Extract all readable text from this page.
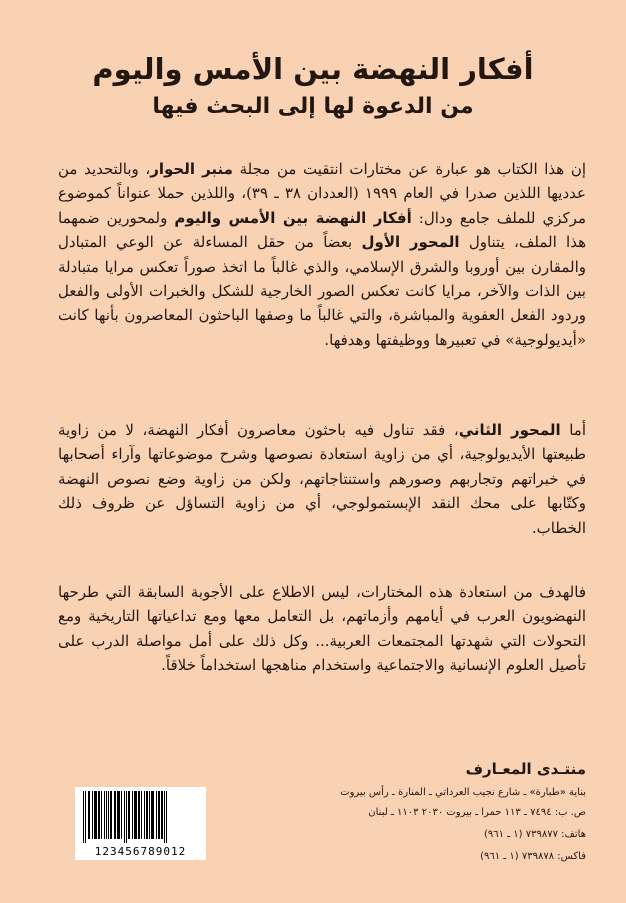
أفكار النهضة بين الأمس واليوم
من الدعوة لها إلى البحث فيها

إن هذا الكتاب هو عبارة عن مختارات انتقيت من مجلة منبر الحوار، وبالتحديد من عدديها اللذين صدرا في العام ١٩٩٩ (العددان ٣٨ ـ ٣٩)، واللذين حملا عنواناً كموضوع مركزي للملف جامع ودال: أفكار النهضة بين الأمس واليوم ولمحورين ضمهما هذا الملف، يتناول المحور الأول بعضاً من حقل المساءلة عن الوعي المتبادل والمقارن بين أوروبا والشرق الإسلامي، والذي غالباً ما اتخذ صوراً تعكس مرايا متبادلة بين الذات والآخر، مرايا كانت تعكس الصور الخارجية للشكل والخبرات الأولى والفعل وردود الفعل العفوية والمباشرة، والتي غالباً ما وصفها الباحثون المعاصرون بأنها كانت «أيديولوجية» في تعبيرها ووظيفتها وهدفها.

أما المحور الثاني، فقد تناول فيه باحثون معاصرون أفكار النهضة، لا من زاوية طبيعتها الأيديولوجية، أي من زاوية استعادة نصوصها وشرح موضوعاتها وآراء أصحابها في خبراتهم وتجاربهم وصورهم واستنتاجاتهم، ولكن من زاوية وضع نصوص النهضة وكتّابها على محك النقد الإبستمولوجي، أي من زاوية التساؤل عن ظروف ذلك الخطاب.

فالهدف من استعادة هذه المختارات، ليس الاطلاع على الأجوبة السابقة التي طرحها النهضويون العرب في أيامهم وأزماتهم، بل التعامل معها ومع تداعياتها التاريخية ومع التحولات التي شهدتها المجتمعات العربية... وكل ذلك على أمل مواصلة الدرب على تأصيل العلوم الإنسانية والاجتماعية واستخدام مناهجها استخداماً خلاقاً.

منتـدى المعـارف

بناية «طبارة» ـ شارع نجيب العرداتي ـ المنارة ـ رأس بيروت

ص. ب: ٧٤٩٤ ـ ١١٣ حمرا ـ بيروت ٢٠٣٠ ١١٠٣ ـ لبنان

هاتف: ٧٣٩٨٧٧ (١ ـ ٩٦١)

فاكس: ٧٣٩٨٧٨ (١ ـ ٩٦١)

123456789012
